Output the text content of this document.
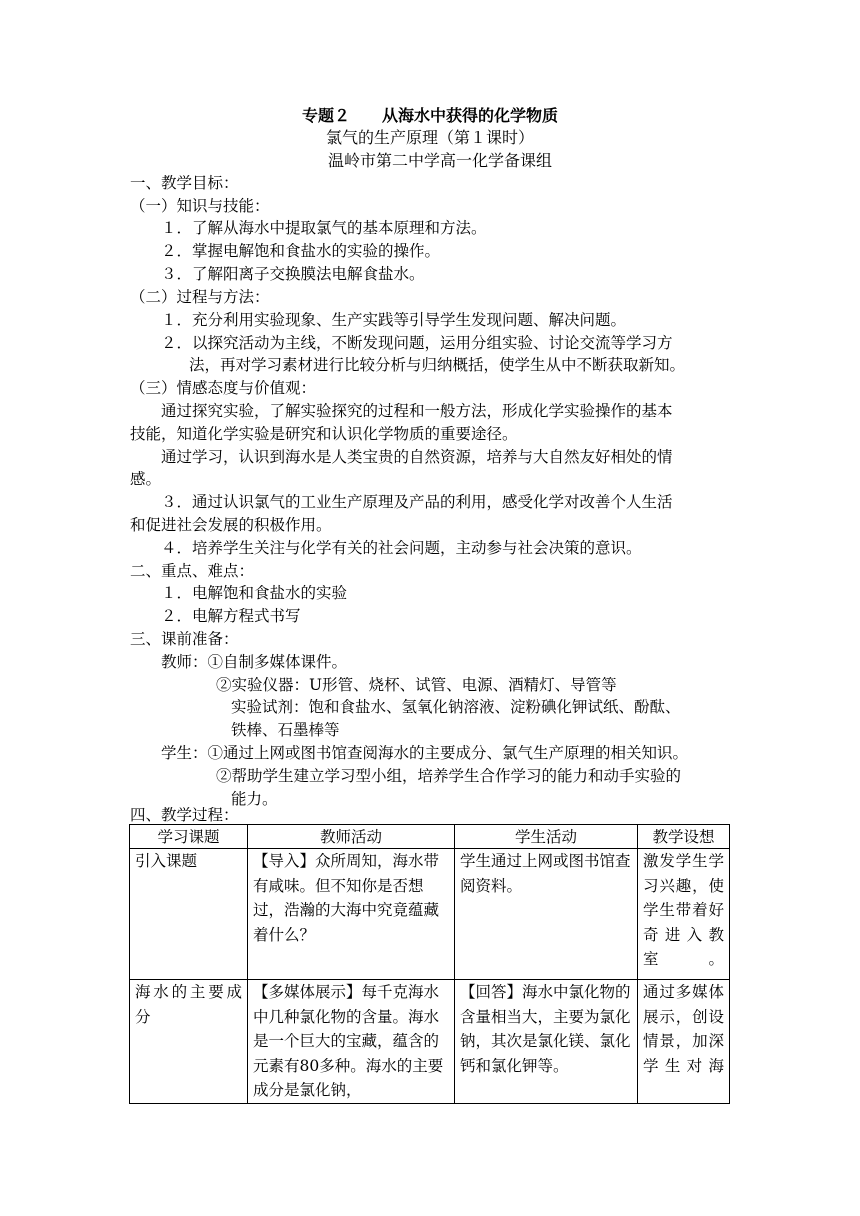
专题２　　从海水中获得的化学物质
氯气的生产原理（第１课时）
温岭市第二中学高一化学备课组
一、教学目标：
（一）知识与技能：
１．了解从海水中提取氯气的基本原理和方法。
２．掌握电解饱和食盐水的实验的操作。
３．了解阳离子交换膜法电解食盐水。
（二）过程与方法：
１．充分利用实验现象、生产实践等引导学生发现问题、解决问题。
２．以探究活动为主线，不断发现问题，运用分组实验、讨论交流等学习方
法，再对学习素材进行比较分析与归纳概括，使学生从中不断获取新知。
（三）情感态度与价值观：
通过探究实验，了解实验探究的过程和一般方法，形成化学实验操作的基本
技能，知道化学实验是研究和认识化学物质的重要途径。
通过学习，认识到海水是人类宝贵的自然资源，培养与大自然友好相处的情
感。
３．通过认识氯气的工业生产原理及产品的利用，感受化学对改善个人生活
和促进社会发展的积极作用。
４．培养学生关注与化学有关的社会问题，主动参与社会决策的意识。
二、重点、难点：
１．电解饱和食盐水的实验
２．电解方程式书写
三、课前准备：
教师：①自制多媒体课件。
②实验仪器：U形管、烧杯、试管、电源、酒精灯、导管等
实验试剂：饱和食盐水、氢氧化钠溶液、淀粉碘化钾试纸、酚酞、
铁棒、石墨棒等
学生：①通过上网或图书馆查阅海水的主要成分、氯气生产原理的相关知识。
②帮助学生建立学习型小组，培养学生合作学习的能力和动手实验的
能力。
四、教学过程：
学习课题	教师活动	学生活动	教学设想
引入课题	【导入】众所周知，海水带有咸味。但不知你是否想过，浩瀚的大海中究竟蕴藏着什么？	学生通过上网或图书馆查阅资料。	激发学生学习兴趣，使学生带着好奇进入教室。
海水的主要成分	【多媒体展示】每千克海水中几种氯化物的含量。海水是一个巨大的宝藏，蕴含的元素有80多种。海水的主要成分是氯化钠，	【回答】海水中氯化物的含量相当大，主要为氯化钠，其次是氯化镁、氯化钙和氯化钾等。	通过多媒体展示，创设情景，加深学生对海
